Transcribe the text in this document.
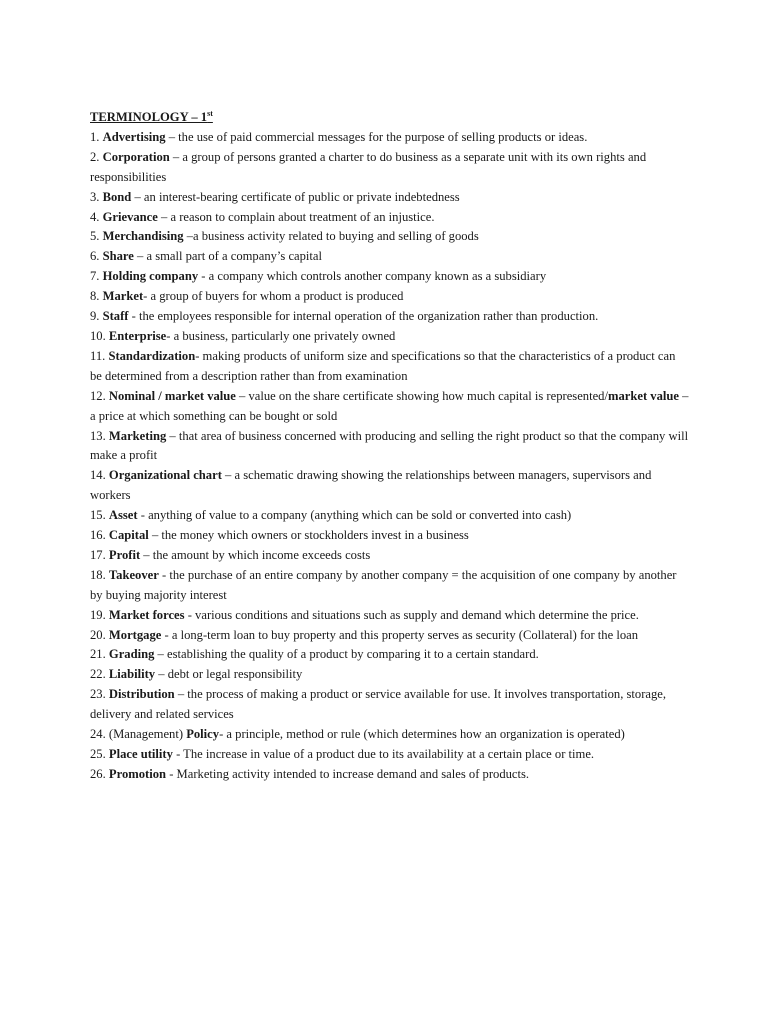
TERMINOLOGY – 1st

1. Advertising – the use of paid commercial messages for the purpose of selling products or ideas.

2. Corporation – a group of persons granted a charter to do business as a separate unit with its own rights and responsibilities

3. Bond – an interest-bearing certificate of public or private indebtedness

4. Grievance – a reason to complain about treatment of an injustice.

5. Merchandising –a business activity related to buying and selling of goods

6. Share – a small part of a company’s capital

7. Holding company - a company which controls another company known as a subsidiary

8. Market- a group of buyers for whom a product is produced

9. Staff - the employees responsible for internal operation of the organization rather than production.

10. Enterprise- a business, particularly one privately owned

11. Standardization- making products of uniform size and specifications so that the characteristics of a product can be determined from a description rather than from examination

12. Nominal / market value – value on the share certificate showing how much capital is represented/market value – a price at which something can be bought or sold

13. Marketing – that area of business concerned with producing and selling the right product so that the company will make a profit

14. Organizational chart – a schematic drawing showing the relationships between managers, supervisors and workers

15. Asset - anything of value to a company (anything which can be sold or converted into cash)

16. Capital – the money which owners or stockholders invest in a business

17. Profit – the amount by which income exceeds costs

18. Takeover - the purchase of an entire company by another company = the acquisition of one company by another by buying majority interest

19. Market forces - various conditions and situations such as supply and demand which determine the price.

20. Mortgage - a long-term loan to buy property and this property serves as security (Collateral) for the loan

21. Grading – establishing the quality of a product by comparing it to a certain standard.

22. Liability – debt or legal responsibility

23. Distribution – the process of making a product or service available for use. It involves transportation, storage, delivery and related services

24. (Management) Policy- a principle, method or rule (which determines how an organization is operated)

25. Place utility - The increase in value of a product due to its availability at a certain place or time.

26. Promotion - Marketing activity intended to increase demand and sales of products.
